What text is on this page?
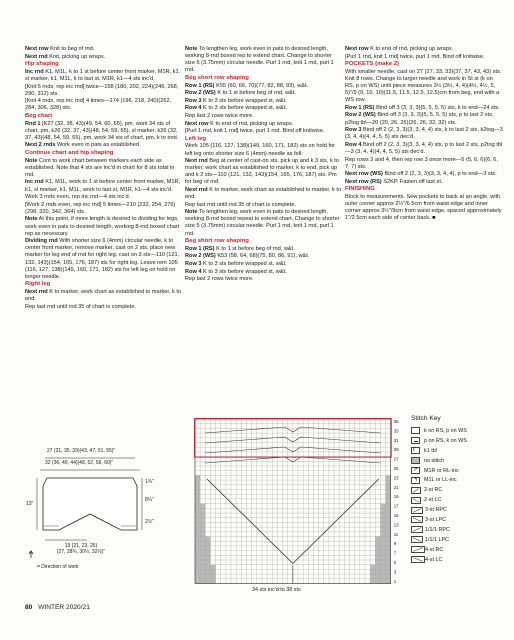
Next row Knit to beg of rnd.

Next rnd Knit, picking up wraps.

Hip shaping

Inc rnd K1, M1L, k to 1 st before center front marker, M1R, k1, sl marker, k1, M1L, k to last st, M1R, k1—4 sts inc'd.

[Knit 5 rnds, rep inc rnd] twice—158 (180, 202, 224)(246, 268, 290, 312) sts.

[Knit 4 rnds, rep inc rnd] 4 times—174 (196, 218, 240)(262, 284, 306, 328) sts.

Beg chart

Rnd 1 [K27 (32, 38, 43)(49, 54, 60, 65), pm, work 34 sts of chart, pm, k26 (32, 37, 43)(48, 54, 59, 65), sl marker, k26 (32, 37, 43)(48, 54, 59, 65), pm, work 34 sts of chart, pm, k to end.

Next 2 rnds Work even in pats as established

Continue chart and hip shaping

Note Cont to work chart between markers each side as established. Note that 4 sts are inc'd in chart for 8 sts total in rnd.

Inc rnd K1, M1L, work to 1 st before center front marker, M1R, k1, sl marker, k1, M1L, work to last st, M1R, k1—4 sts inc'd.

Work 3 rnds even, rep inc rnd—4 sts inc'd.

[Work 2 rnds even, rep inc rnd] 5 times—210 (232, 254, 276)(298, 320, 342, 364) sts.

Note At this point, if more length is desired to dividing for legs, work even in pats to desired length, working 8-rnd boxed chart rep as necessary.

Dividing rnd With shorter size 6 (4mm) circular needle, k to center front marker, remove marker, cast on 2 sts, place new marker for leg end of rnd for right leg, cast on 3 sts—110 (121, 132, 143)(154, 165, 176, 187) sts for right leg. Leave rem 105 (116, 127, 138)(149, 160, 171, 182) sts for left leg on hold on longer needle.

Right leg

Next rnd K to marker, work chart as established to marker, k to end.

Rep last rnd until rnd 35 of chart is complete.

Note To lengthen leg, work even in pats to desired length, working 8-rnd boxed rep to extend chart. Change to shorter size 5 (3.75mm) circular needle. Purl 1 rnd, knit 1 rnd, purl 1 rnd.

Beg short row shaping

Row 1 (RS) K55 (60, 66, 70)(77, 82, 88, 93), w&t.

Row 2 (WS) K to 1 st before beg of rnd, w&t.

Row 3 K to 3 sts before wrapped st, w&t.

Row 4 K to 3 sts before wrapped st, w&t.

Rep last 2 rows twice more.

Next row K to end of rnd, picking up wraps.

[Purl 1 rnd, knit 1 rnd] twice, purl 1 rnd. Bind off knitwise.

Left leg

Work 105 (116, 127, 138)(149, 160, 171, 182) sts on hold for left leg onto shorter size 6 (4mm) needle as foll:

Next rnd Beg at center of cast-on sts, pick up and k 3 sts, k to marker, work chart as established to marker, k to end, pick up and k 2 sts—110 (121, 132, 143)(154, 165, 176, 187) sts. Pm for beg of rnd.

Next rnd K to marker, work chart as established to marker, k to end.

Rep last rnd until rnd 35 of chart is complete.

Note To lengthen leg, work even in pats to desired length, working 8-rnd boxed repeat to extend chart. Change to shorter size 5 (3.75mm) circular needle. Purl 1 rnd, knit 1 rnd, purl 1 rnd.

Beg short row shaping

Row 1 (RS) K to 1 st before beg of rnd, w&t.

Row 2 (WS) K53 (58, 64, 68)(75, 80, 86, 91), w&t.

Row 3 K to 3 sts before wrapped st, w&t.

Row 4 K to 3 sts before wrapped st, w&t.

Rep last 2 rows twice more.

Next row K to end of rnd, picking up wraps.

[Purl 1 rnd, knit 1 rnd] twice, purl 1 rnd. Bind off knitwise.

POCKETS (make 2)

With smaller needle, cast on 27 (27, 33, 33)(37, 37, 43, 43) sts. Knit 8 rows. Change to larger needle and work in St st (k on RS, p on WS) until piece measures 3½ (3½, 4, 4)(4½, 4½, 5, 5)"/9 (9, 10, 10)(11.5, 11.5, 12.5, 12.5)cm from beg, end with a WS row.

Row 1 (RS) Bind off 3 (3, 3, 3)(5, 5, 5, 5) sts, k to end—24 sts.

Row 2 (WS) Bind off 3 (3, 3, 3)(5, 5, 5, 5) sts, p to last 2 sts, p2tog tbl—20 (20, 26, 26)(26, 26, 32, 32) sts.

Row 3 Bind off 2 (2, 3, 3)(3, 3, 4, 4) sts, k to last 2 sts, k2tog—3 (3, 4, 4)(4, 4, 5, 5) sts dec'd.

Row 4 Bind off 2 (2, 3, 3)(3, 3, 4, 4) sts, p to last 2 sts, p2tog tbl—3 (3, 4, 4)(4, 4, 5, 5) sts dec'd.

Rep rows 3 and 4, then rep row 3 once more—5 (5, 6, 6)(6, 6, 7, 7) sts.

Next row (WS) Bind off 2 (2, 3, 3)(3, 3, 4, 4), p to end—3 sts.

Next row (RS) S2KP. Fasten off last st.

FINISHING

Block to measurements. Sew pockets to back at an angle, with outer corner approx 2½"/6.5cm from waist edge and inner corner approx 3½"/9cm from waist edge, spaced approximately 1"/2.5cm each side of center back. ■

27 (31, 35, 39)(43, 47, 51, 55)"
32 (36, 40, 44)(48, 52, 56, 60)"
13"
1¾"
8¼"
2½"
19 (21, 23, 25)
(27, 28¾, 30½, 32½)"
= Direction of work
35
33
31
29
27
25
23
21
19
17
15
13
11
9
7
5
3
1
34 sts inc'd to 38 sts
Stitch Key
k on RS, p on WS
p on RS, k on WS
ℓ k1 tbl
no stitch
↱ M1R or RL-inc
↰ M1L or LL-inc
2-st RC
2-st LC
3-st RPC
3-st LPC
1/1/1 RPC
1/1/1 LPC
4-st RC
4-st LC
80 WINTER 2020/21
